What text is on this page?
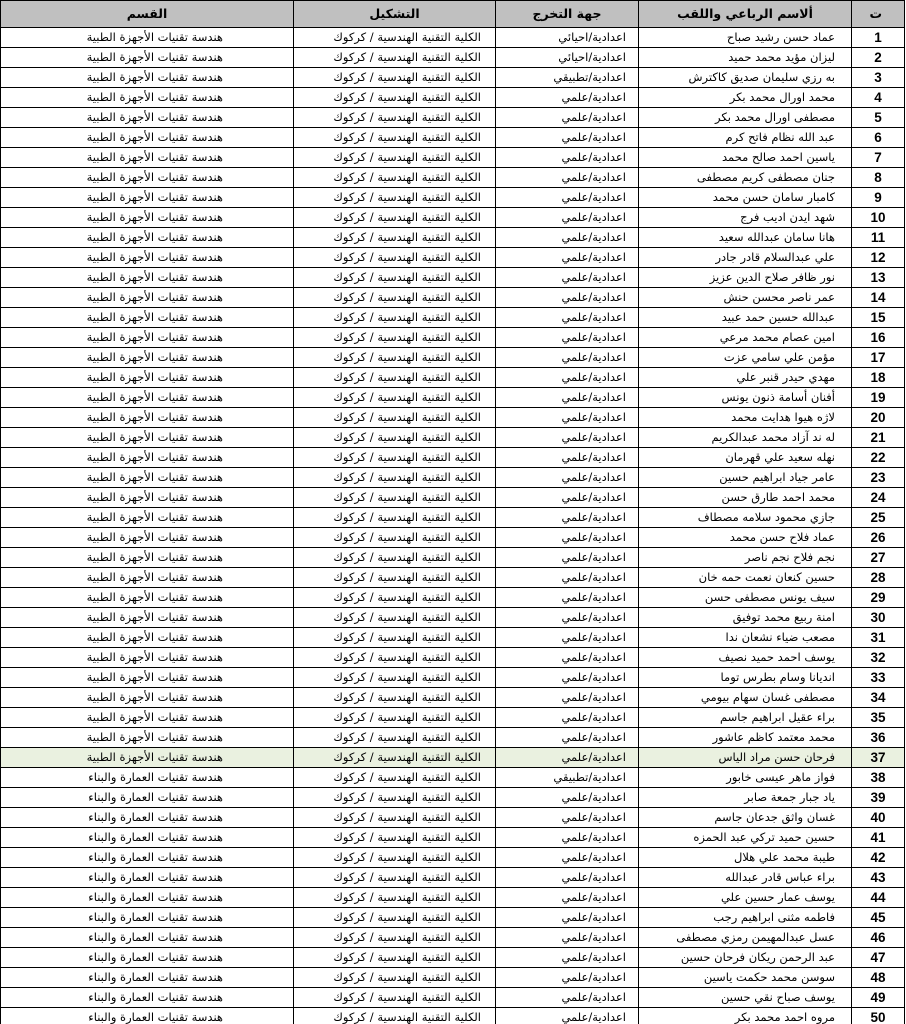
ت	ألاسم الرباعي واللقب	جهة التخرج	التشكيل	القسم
1	عماد حسن رشيد صباح	اعدادية/احيائي	الكلية التقنية الهندسية / كركوك	هندسة تقنيات الأجهزة الطبية
2	ليزان مؤيد محمد حميد	اعدادية/احيائي	الكلية التقنية الهندسية / كركوك	هندسة تقنيات الأجهزة الطبية
3	به رزي سليمان صديق كاكترش	اعدادية/تطبيقي	الكلية التقنية الهندسية / كركوك	هندسة تقنيات الأجهزة الطبية
4	محمد اورال محمد بكر	اعدادية/علمي	الكلية التقنية الهندسية / كركوك	هندسة تقنيات الأجهزة الطبية
5	مصطفى اورال محمد بكر	اعدادية/علمي	الكلية التقنية الهندسية / كركوك	هندسة تقنيات الأجهزة الطبية
6	عبد الله نظام فاتح كرم	اعدادية/علمي	الكلية التقنية الهندسية / كركوك	هندسة تقنيات الأجهزة الطبية
7	ياسين احمد صالح محمد	اعدادية/علمي	الكلية التقنية الهندسية / كركوك	هندسة تقنيات الأجهزة الطبية
8	جنان مصطفى كريم مصطفى	اعدادية/علمي	الكلية التقنية الهندسية / كركوك	هندسة تقنيات الأجهزة الطبية
9	كامبار سامان حسن محمد	اعدادية/علمي	الكلية التقنية الهندسية / كركوك	هندسة تقنيات الأجهزة الطبية
10	شهد ايدن اديب فرج	اعدادية/علمي	الكلية التقنية الهندسية / كركوك	هندسة تقنيات الأجهزة الطبية
11	هانا سامان عبدالله سعيد	اعدادية/علمي	الكلية التقنية الهندسية / كركوك	هندسة تقنيات الأجهزة الطبية
12	علي عبدالسلام قادر جادر	اعدادية/علمي	الكلية التقنية الهندسية / كركوك	هندسة تقنيات الأجهزة الطبية
13	نور ظافر صلاح الدين عزيز	اعدادية/علمي	الكلية التقنية الهندسية / كركوك	هندسة تقنيات الأجهزة الطبية
14	عمر ناصر محسن حنش	اعدادية/علمي	الكلية التقنية الهندسية / كركوك	هندسة تقنيات الأجهزة الطبية
15	عبدالله حسين حمد عبيد	اعدادية/علمي	الكلية التقنية الهندسية / كركوك	هندسة تقنيات الأجهزة الطبية
16	امين عصام محمد مرعي	اعدادية/علمي	الكلية التقنية الهندسية / كركوك	هندسة تقنيات الأجهزة الطبية
17	مؤمن علي سامي عزت	اعدادية/علمي	الكلية التقنية الهندسية / كركوك	هندسة تقنيات الأجهزة الطبية
18	مهدي حيدر قنبر علي	اعدادية/علمي	الكلية التقنية الهندسية / كركوك	هندسة تقنيات الأجهزة الطبية
19	أفنان أسامة ذنون يونس	اعدادية/علمي	الكلية التقنية الهندسية / كركوك	هندسة تقنيات الأجهزة الطبية
20	لاژه هيوا هدايت محمد	اعدادية/علمي	الكلية التقنية الهندسية / كركوك	هندسة تقنيات الأجهزة الطبية
21	له ند آزاد محمد عبدالكريم	اعدادية/علمي	الكلية التقنية الهندسية / كركوك	هندسة تقنيات الأجهزة الطبية
22	نهله سعيد علي قهرمان	اعدادية/علمي	الكلية التقنية الهندسية / كركوك	هندسة تقنيات الأجهزة الطبية
23	عامر جياد ابراهيم حسين	اعدادية/علمي	الكلية التقنية الهندسية / كركوك	هندسة تقنيات الأجهزة الطبية
24	محمد احمد طارق حسن	اعدادية/علمي	الكلية التقنية الهندسية / كركوك	هندسة تقنيات الأجهزة الطبية
25	جازي محمود سلامه مصطاف	اعدادية/علمي	الكلية التقنية الهندسية / كركوك	هندسة تقنيات الأجهزة الطبية
26	عماد فلاح حسن محمد	اعدادية/علمي	الكلية التقنية الهندسية / كركوك	هندسة تقنيات الأجهزة الطبية
27	نجم فلاح نجم ناصر	اعدادية/علمي	الكلية التقنية الهندسية / كركوك	هندسة تقنيات الأجهزة الطبية
28	حسين كنعان نعمت حمه خان	اعدادية/علمي	الكلية التقنية الهندسية / كركوك	هندسة تقنيات الأجهزة الطبية
29	سيف يونس مصطفى حسن	اعدادية/علمي	الكلية التقنية الهندسية / كركوك	هندسة تقنيات الأجهزة الطبية
30	امنة ربيع محمد توفيق	اعدادية/علمي	الكلية التقنية الهندسية / كركوك	هندسة تقنيات الأجهزة الطبية
31	مصعب ضياء نشعان ندا	اعدادية/علمي	الكلية التقنية الهندسية / كركوك	هندسة تقنيات الأجهزة الطبية
32	يوسف احمد حميد نصيف	اعدادية/علمي	الكلية التقنية الهندسية / كركوك	هندسة تقنيات الأجهزة الطبية
33	انديانا وسام بطرس توما	اعدادية/علمي	الكلية التقنية الهندسية / كركوك	هندسة تقنيات الأجهزة الطبية
34	مصطفى غسان سهام بيومي	اعدادية/علمي	الكلية التقنية الهندسية / كركوك	هندسة تقنيات الأجهزة الطبية
35	براء عقيل ابراهيم جاسم	اعدادية/علمي	الكلية التقنية الهندسية / كركوك	هندسة تقنيات الأجهزة الطبية
36	محمد معتمد كاظم عاشور	اعدادية/علمي	الكلية التقنية الهندسية / كركوك	هندسة تقنيات الأجهزة الطبية
37	فرحان حسن مراد الياس	اعدادية/علمي	الكلية التقنية الهندسية / كركوك	هندسة تقنيات الأجهزة الطبية
38	فواز ماهر عيسى خابور	اعدادية/تطبيقي	الكلية التقنية الهندسية / كركوك	هندسة تقنيات العمارة والبناء
39	ياد جبار جمعة صابر	اعدادية/علمي	الكلية التقنية الهندسية / كركوك	هندسة تقنيات العمارة والبناء
40	غسان واثق جدعان جاسم	اعدادية/علمي	الكلية التقنية الهندسية / كركوك	هندسة تقنيات العمارة والبناء
41	حسين حميد تركي عبد الحمزه	اعدادية/علمي	الكلية التقنية الهندسية / كركوك	هندسة تقنيات العمارة والبناء
42	طيبة محمد علي هلال	اعدادية/علمي	الكلية التقنية الهندسية / كركوك	هندسة تقنيات العمارة والبناء
43	براء عباس قادر عبدالله	اعدادية/علمي	الكلية التقنية الهندسية / كركوك	هندسة تقنيات العمارة والبناء
44	يوسف عمار حسين علي	اعدادية/علمي	الكلية التقنية الهندسية / كركوك	هندسة تقنيات العمارة والبناء
45	فاطمه مثنى ابراهيم رجب	اعدادية/علمي	الكلية التقنية الهندسية / كركوك	هندسة تقنيات العمارة والبناء
46	عسل عبدالمهيمن رمزي مصطفى	اعدادية/علمي	الكلية التقنية الهندسية / كركوك	هندسة تقنيات العمارة والبناء
47	عبد الرحمن ريكان فرحان حسين	اعدادية/علمي	الكلية التقنية الهندسية / كركوك	هندسة تقنيات العمارة والبناء
48	سوسن محمد حكمت ياسين	اعدادية/علمي	الكلية التقنية الهندسية / كركوك	هندسة تقنيات العمارة والبناء
49	يوسف صباح نقي حسين	اعدادية/علمي	الكلية التقنية الهندسية / كركوك	هندسة تقنيات العمارة والبناء
50	مروه احمد محمد بكر	اعدادية/علمي	الكلية التقنية الهندسية / كركوك	هندسة تقنيات العمارة والبناء
